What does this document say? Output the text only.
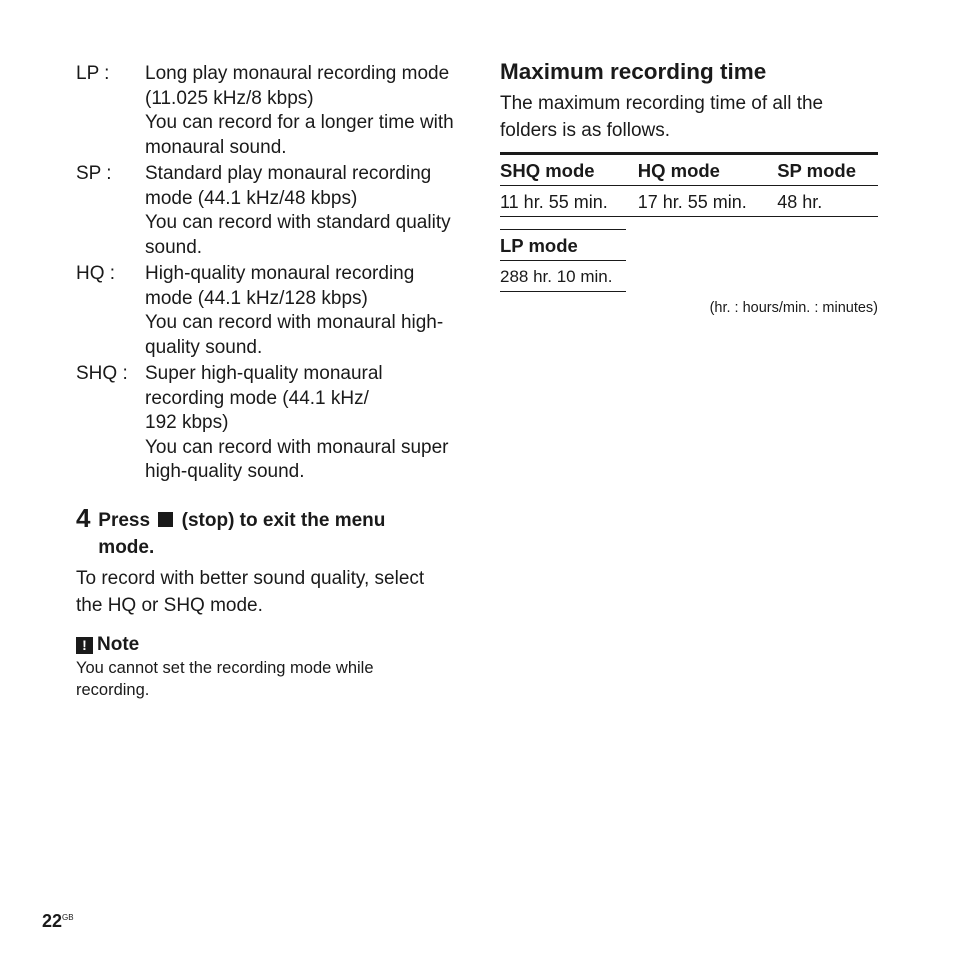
LP :	Long play monaural recording mode (11.025 kHz/8 kbps)
You can record for a longer time with monaural sound.
SP :	Standard play monaural recording mode (44.1 kHz/48 kbps)
You can record with standard quality sound.
HQ :	High-quality monaural recording mode (44.1 kHz/128 kbps)
You can record with monaural high-quality sound.
SHQ : Super high-quality monaural recording mode (44.1 kHz/
192 kbps)
You can record with monaural super high-quality sound.
4 Press (stop) to exit the menu mode.
To record with better sound quality, select the HQ or SHQ mode.
! Note
You cannot set the recording mode while recording.
Maximum recording time
The maximum recording time of all the folders is as follows.
SHQ mode	HQ mode	SP mode
11 hr. 55 min.	17 hr. 55 min.	48 hr.
LP mode
288 hr. 10 min.
(hr. : hours/min. : minutes)
$22^{GB}$
